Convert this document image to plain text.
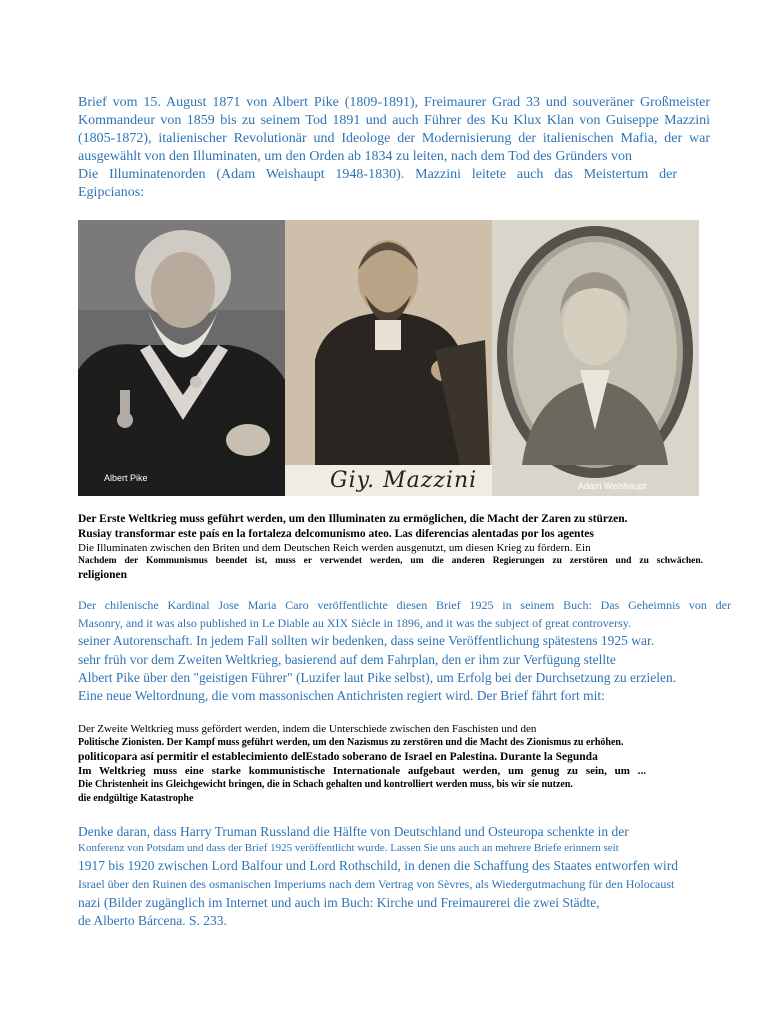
Brief vom 15. August 1871 von Albert Pike (1809-1891), Freimaurer Grad 33 und souveräner Großmeister
Kommandeur von 1859 bis zu seinem Tod 1891 und auch Führer des Ku Klux Klan von Guiseppe Mazzini
(1805-1872), italienischer Revolutionär und Ideologe der Modernisierung der italienischen Mafia, der war
ausgewählt von den Illuminaten, um den Orden ab 1834 zu leiten, nach dem Tod des Gründers von
Die Illuminatenorden (Adam Weishaupt 1948-1830). Mazzini leitete auch das Meistertum der
Egipcianos:
Albert Pike	Giy. Mazzini	Adam Weishaupt
Der Erste Weltkrieg muss geführt werden, um den Illuminaten zu ermöglichen, die Macht der Zaren zu stürzen.
Rusiay transformar este país en la fortaleza delcomunismo ateo. Las diferencias alentadas por los agentes
Die Illuminaten zwischen den Briten und dem Deutschen Reich werden ausgenutzt, um diesen Krieg zu fördern. Ein
Nachdem der Kommunismus beendet ist, muss er verwendet werden, um die anderen Regierungen zu zerstören und zu schwächen.
religionen
Der chilenische Kardinal Jose Maria Caro veröffentlichte diesen Brief 1925 in seinem Buch: Das Geheimnis von der
Masonry, and it was also published in Le Diable au XIX Siècle in 1896, and it was the subject of great controversy.
seiner Autorenschaft. In jedem Fall sollten wir bedenken, dass seine Veröffentlichung spätestens 1925 war.
sehr früh vor dem Zweiten Weltkrieg, basierend auf dem Fahrplan, den er ihm zur Verfügung stellte
Albert Pike über den "geistigen Führer" (Luzifer laut Pike selbst), um Erfolg bei der Durchsetzung zu erzielen.
Eine neue Weltordnung, die vom massonischen Antichristen regiert wird. Der Brief fährt fort mit:
Der Zweite Weltkrieg muss gefördert werden, indem die Unterschiede zwischen den Faschisten und den
Politische Zionisten. Der Kampf muss geführt werden, um den Nazismus zu zerstören und die Macht des Zionismus zu erhöhen.
politicopara así permitir el establecimiento delEstado soberano de Israel en Palestina. Durante la Segunda
Im Weltkrieg muss eine starke kommunistische Internationale aufgebaut werden, um genug zu sein, um ...
Die Christenheit ins Gleichgewicht bringen, die in Schach gehalten und kontrolliert werden muss, bis wir sie nutzen.
die endgültige Katastrophe
Denke daran, dass Harry Truman Russland die Hälfte von Deutschland und Osteuropa schenkte in der
Konferenz von Potsdam und dass der Brief 1925 veröffentlicht wurde. Lassen Sie uns auch an mehrere Briefe erinnern seit
1917 bis 1920 zwischen Lord Balfour und Lord Rothschild, in denen die Schaffung des Staates entworfen wird
Israel über den Ruinen des osmanischen Imperiums nach dem Vertrag von Sèvres, als Wiedergutmachung für den Holocaust
nazi (Bilder zugänglich im Internet und auch im Buch: Kirche und Freimaurerei die zwei Städte,
de Alberto Bárcena. S. 233.
